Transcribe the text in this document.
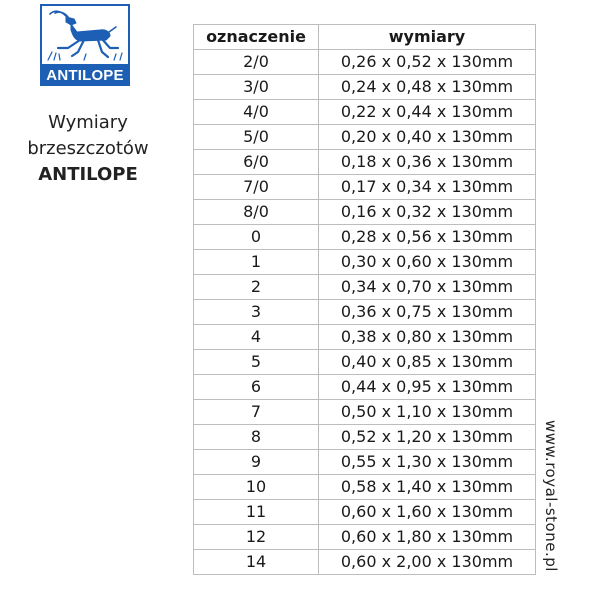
ANTILOPE
Wymiary
brzeszczotów
ANTILOPE
oznaczenie	wymiary
2/0	0,26 x 0,52 x 130mm
3/0	0,24 x 0,48 x 130mm
4/0	0,22 x 0,44 x 130mm
5/0	0,20 x 0,40 x 130mm
6/0	0,18 x 0,36 x 130mm
7/0	0,17 x 0,34 x 130mm
8/0	0,16 x 0,32 x 130mm
0	0,28 x 0,56 x 130mm
1	0,30 x 0,60 x 130mm
2	0,34 x 0,70 x 130mm
3	0,36 x 0,75 x 130mm
4	0,38 x 0,80 x 130mm
5	0,40 x 0,85 x 130mm
6	0,44 x 0,95 x 130mm
7	0,50 x 1,10 x 130mm
8	0,52 x 1,20 x 130mm
9	0,55 x 1,30 x 130mm
10	0,58 x 1,40 x 130mm
11	0,60 x 1,60 x 130mm
12	0,60 x 1,80 x 130mm
14	0,60 x 2,00 x 130mm www.royal-stone.pl
